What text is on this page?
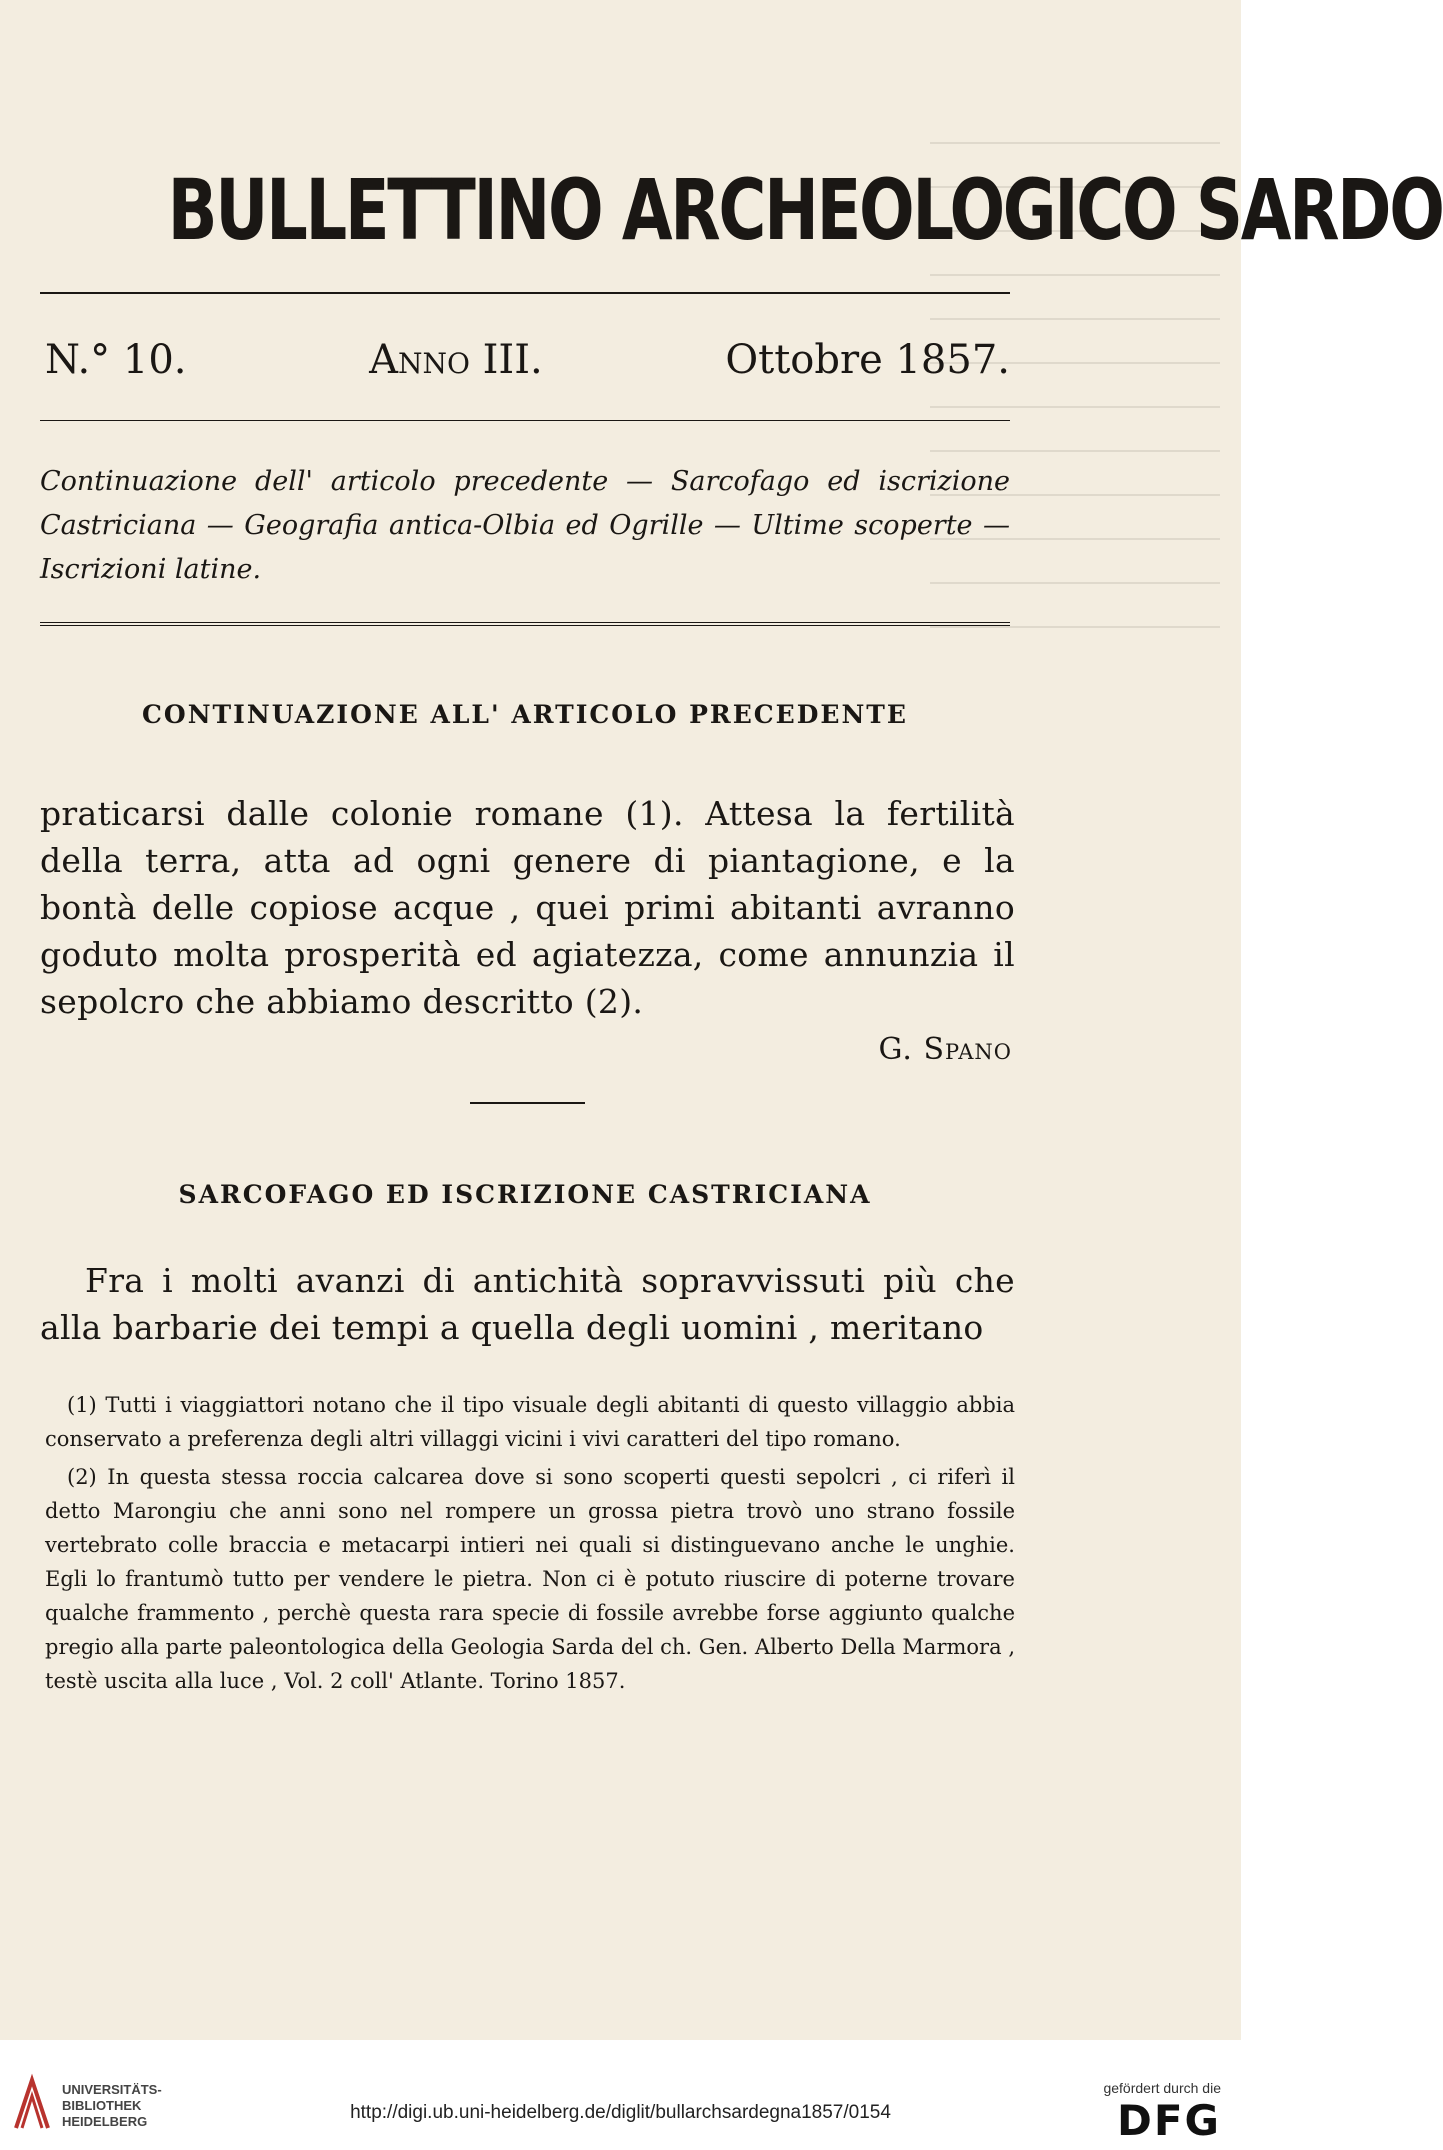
BULLETTINO ARCHEOLOGICO SARDO
N.° 10.	Anno III.	Ottobre 1857.
Continuazione dell' articolo precedente — Sarcofago ed iscrizione Castriciana — Geografia antica-Olbia ed Ogrille — Ultime scoperte — Iscrizioni latine.
CONTINUAZIONE ALL' ARTICOLO PRECEDENTE
praticarsi dalle colonie romane (1). Attesa la fertilità della terra, atta ad ogni genere di piantagione, e la bontà delle copiose acque , quei primi abitanti avranno goduto molta prosperità ed agiatezza, come annunzia il sepolcro che abbiamo descritto (2).
G. Spano
SARCOFAGO ED ISCRIZIONE CASTRICIANA
Fra i molti avanzi di antichità sopravvissuti più che alla barbarie dei tempi a quella degli uomini , meritano

(1) Tutti i viaggiattori notano che il tipo visuale degli abitanti di questo villaggio abbia conservato a preferenza degli altri villaggi vicini i vivi caratteri del tipo romano.

(2) In questa stessa roccia calcarea dove si sono scoperti questi sepolcri , ci riferì il detto Marongiu che anni sono nel rompere un grossa pietra trovò uno strano fossile vertebrato colle braccia e metacarpi intieri nei quali si distinguevano anche le unghie. Egli lo frantumò tutto per vendere le pietra. Non ci è potuto riuscire di poterne trovare qualche frammento , perchè questa rara specie di fossile avrebbe forse aggiunto qualche pregio alla parte paleontologica della Geologia Sarda del ch. Gen. Alberto Della Marmora , testè uscita alla luce , Vol. 2 coll' Atlante. Torino 1857.

UNIVERSITÄTS-
BIBLIOTHEK
HEIDELBERG	http://digi.ub.uni-heidelberg.de/diglit/bullarchsardegna1857/0154
gefördert durch die
DFG
